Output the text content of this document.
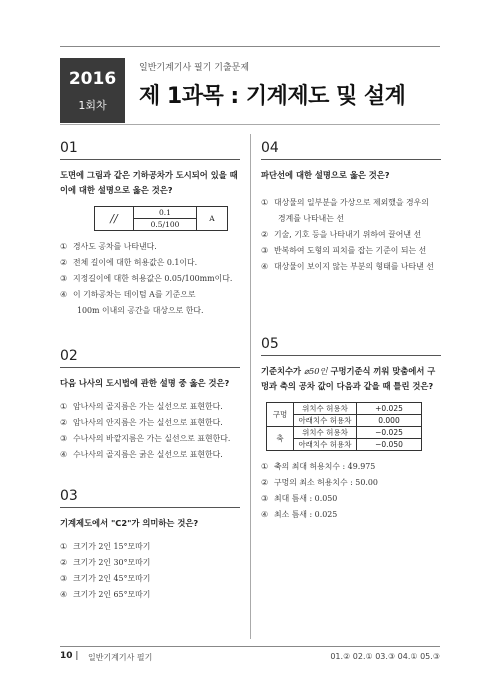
2016
1회차
일반기계기사 필기 기출문제
제 1과목 : 기계제도 및 설계
01
도면에 그림과 같은 기하공차가 도시되어 있을 때 이에 대한 설명으로 옳은 것은?
//	0.1	A
0.5/100
① 경사도 공차를 나타낸다.
② 전체 길이에 대한 허용값은 0.1이다.
③ 지정길이에 대한 허용값은 0.05/100mm이다.
④ 이 기하공차는 데이텀 A를 기준으로
100m 이내의 공간을 대상으로 한다.
02
다음 나사의 도시법에 관한 설명 중 옳은 것은?
① 암나사의 골지름은 가는 실선으로 표현한다.
② 암나사의 안지름은 가는 실선으로 표현한다.
③ 수나사의 바깥지름은 가는 실선으로 표현한다.
④ 수나사의 골지름은 굵은 실선으로 표현한다.
03
기계제도에서 "C2"가 의미하는 것은?
① 크기가 2인 15°모따기
② 크기가 2인 30°모따기
③ 크기가 2인 45°모따기
④ 크기가 2인 65°모따기
04
파단선에 대한 설명으로 옳은 것은?
① 대상물의 일부분을 가상으로 제외했을 경우의
경계를 나타내는 선
② 기술, 기호 등을 나타내기 위하여 끌어낸 선
③ 반복하여 도형의 피치를 잡는 기준이 되는 선
④ 대상물이 보이지 않는 부분의 형태를 나타낸 선
05
기준치수가 ⌀50인 구멍기준식 끼워 맞춤에서 구멍과 축의 공차 값이 다음과 같을 때 틀린 것은?
구멍	위치수 허용차	+0.025
	아래치수 허용차	0.000
축	위치수 허용차	−0.025
	아래치수 허용차	−0.050
① 축의 최대 허용치수 : 49.975
② 구멍의 최소 허용치수 : 50.00
③ 최대 틈새 : 0.050
④ 최소 틈새 : 0.025
10 | 일반기계기사 필기	01.② 02.① 03.③ 04.① 05.③
